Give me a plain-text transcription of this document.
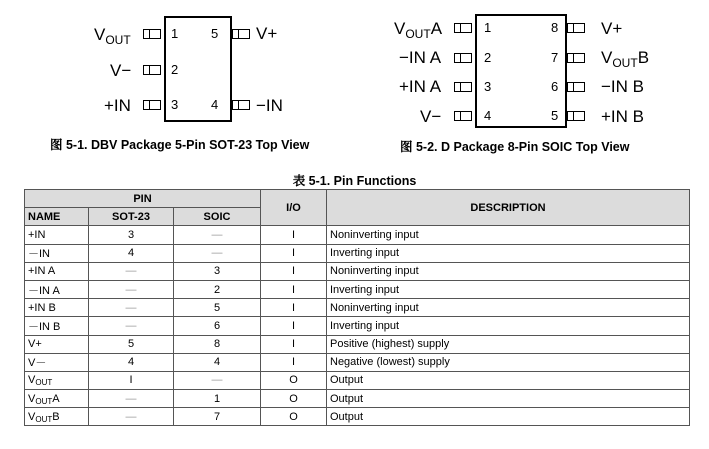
$V_{OUT}$	1
V−	2
+IN	3
5 V+
4 −IN
图 5-1. DBV Package 5-Pin SOT-23 Top View
$V_{OUT}A$	1
−IN A	2
+IN A	3
V−	4
8	V+
7	$V_{OUT}B$
6	−IN B
5	+IN B
图 5-2. D Package 8-Pin SOIC Top View
表 5-1. Pin Functions
PIN			I/O	DESCRIPTION
NAME	SOT-23	SOIC		
+IN	3	—	I	Noninverting input
－IN	4	—	I	Inverting input
+IN A	—	3	I	Noninverting input
－IN A	—	2	I	Inverting input
+IN B	—	5	I	Noninverting input
－IN B	—	6	I	Inverting input
V+	5	8	I	Positive (highest) supply
V－	4	4	I	Negative (lowest) supply
$V_{OUT}$	I	—	O	Output
$V_{OUT}A$	—	1	O	Output
$V_{OUT}B$	—	7	O	Output
